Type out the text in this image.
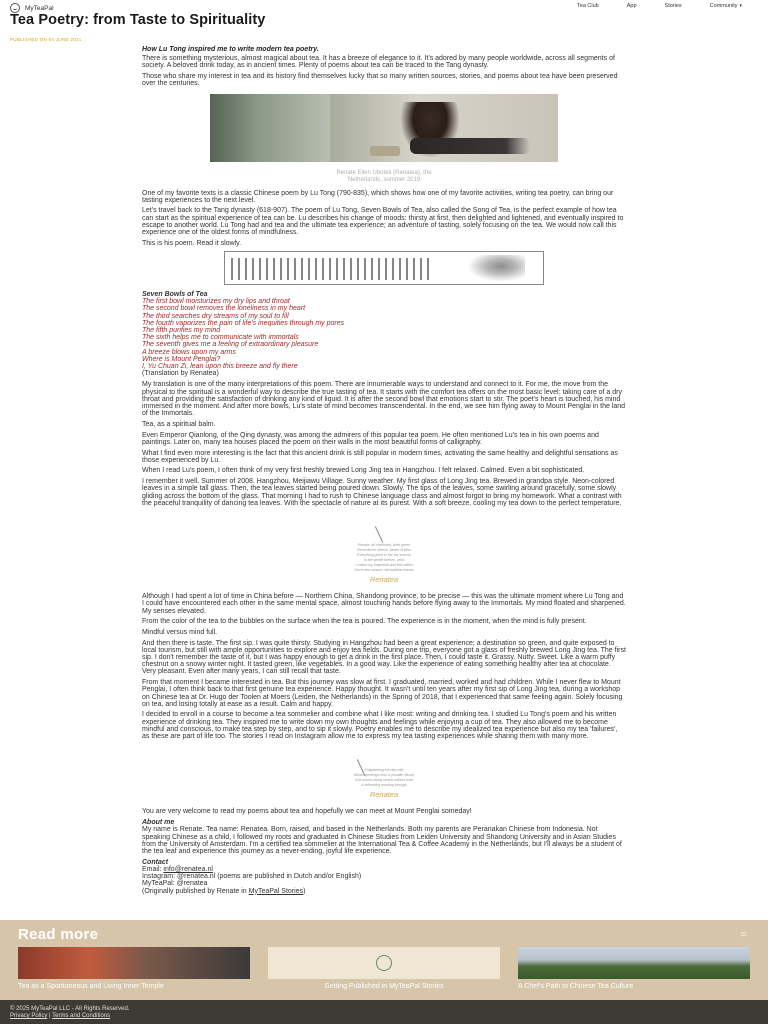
MyTeaPal	Tea Club	App	Stories	Community ▾
Tea Poetry: from Taste to Spirituality
PUBLISHED ON 04 JUNE 2021

How Lu Tong inspired me to write modern tea poetry.

There is something mysterious, almost magical about tea. It has a breeze of elegance to it. It's adored by many people worldwide, across all segments of society. A beloved drink today, as in ancient times. Plenty of poems about tea can be traced to the Tang dynasty.

Those who share my interest in tea and its history find themselves lucky that so many written sources, stories, and poems about tea have been preserved over the centuries.

Renate Ellen Ubotek (Renatea), the
Netherlands, summer 2019

One of my favorite texts is a classic Chinese poem by Lu Tong (790-835), which shows how one of my favorite activities, writing tea poetry, can bring our tasting experiences to the next level.

Let's travel back to the Tang dynasty (618-907). The poem of Lu Tong, Seven Bowls of Tea, also called the Song of Tea, is the perfect example of how tea can start as the spiritual experience of tea can be. Lu describes his change of moods: thirsty at first, then delighted and lightened, and eventually inspired to escape to another world. Lu Tong had and tea and the ultimate tea experience; an adventure of tasting, solely focusing on the tea. We would now call this experience one of the oldest forms of mindfulness.

This is his poem. Read it slowly.

Seven Bowls of Tea

The first bowl moisturizes my dry lips and throat

The second bowl removes the loneliness in my heart

The third searches dry streams of my soul to fill

The fourth vaporizes the pain of life's inequities through my pores

The fifth purifies my mind

The sixth helps me to communicate with immortals

The seventh gives me a feeling of extraordinary pleasure

A breeze blows upon my arms

Where is Mount Penglai?

I, Yu Chuan Zi, lean upon this breeze and fly there

(Translation by Renatea)

My translation is one of the many interpretations of this poem. There are innumerable ways to understand and connect to it. For me, the move from the physical to the spiritual is a wonderful way to describe the true tasting of tea. It starts with the comfort tea offers on the most basic level: taking care of a dry throat and providing the satisfaction of drinking any kind of liquid. It is after the second bowl that emotions start to stir. The poet's heart is touched, his mind immersed in the moment. And after more bowls, Lu's state of mind becomes transcendental. In the end, we see him flying away to Mount Penglai in the land of the Immortals.

Tea, as a spiritual balm.

Even Emperor Qianlong, of the Qing dynasty, was among the admirers of this popular tea poem. He often mentioned Lu's tea in his own poems and paintings. Later on, many tea houses placed the poem on their walls in the most beautiful forms of calligraphy.

What I find even more interesting is the fact that this ancient drink is still popular in modern times, activating the same healthy and delightful sensations as those experienced by Lu.

When I read Lu's poem, I often think of my very first freshly brewed Long Jing tea in Hangzhou. I felt relaxed. Calmed. Even a bit sophisticated.

I remember it well. Summer of 2008. Hangzhou, Meijiawu Village. Sunny weather. My first glass of Long Jing tea. Brewed in grandpa style. Neon-colored leaves in a simple tall glass. Then, the tea leaves started being poured down. Slowly. The tips of the leaves, some swirling around gracefully, some slowly gliding across the bottom of the glass. That morning I had to rush to Chinese language class and almost forgot to bring my homework. What a contrast with the peaceful tranquility of dancing tea leaves. With the spectacle of nature at its purest. With a soft breeze, cooling my tea down to the perfect temperature.

Renate, all cherished, lived green
Recorded in silence, kindle of bliss
Everything given to the dry season
In the gentle breeze, wind
I collect my fragments and feel within
Once new season, old tradition leaves
Renatea

Although I had spent a lot of time in China before — Northern China, Shandong province, to be precise — this was the ultimate moment where Lu Tong and I could have encountered each other in the same mental space, almost touching hands before flying away to the Immortals. My mind floated and sharpened. My senses elevated.

From the color of the tea to the bubbles on the surface when the tea is poured. The experience is in the moment, when the mind is fully present.

Mindful versus mind full.

And then there is taste. The first sip. I was quite thirsty. Studying in Hangzhou had been a great experience; a destination so green, and quite exposed to local tourism, but still with ample opportunities to explore and enjoy tea fields. During one trip, everyone got a glass of freshly brewed Long Jing tea. The first sip. I don't remember the taste of it, but I was happy enough to get a drink in the first place. Then, I could taste it. Grassy. Nutty. Sweet. Like a warm puffy chestnut on a snowy winter night. It tasted green, like vegetables. In a good way. Like the experience of eating something healthy after tea at chocolate. Very pleasant. Even after many years, I can still recall that taste.

From that moment I became interested in tea. But this journey was slow at first. I graduated, married, worked and had children. While I never flew to Mount Penglai, I often think back to that first genuine tea experience. Happy thought. It wasn't until ten years after my first sip of Long Jing tea, during a workshop on Chinese tea at Dr. Hugo der Toolen at Moers (Leiden, the Netherlands) in the Spring of 2018, that I experienced that same feeling again. Solely focusing on tea, and losing totally at ease as a result. Calm and happy.

I decided to enroll in a course to become a tea sommelier and combine what I like most: writing and drinking tea. I studied Lu Tong's poem and his written experience of drinking tea. They inspired me to write down my own thoughts and feelings while enjoying a cup of tea. They also allowed me to become mindful and conscious, to make tea step by step, and to sip it slowly. Poetry enables me to describe my idealized tea experience but also my tea 'failures', as these are part of life too. The stories I read on Instagram allow me to express my tea tasting experiences while sharing them with many more.

Enlightening the day with
Words greetings from a (smaller flavor)
Soft moves along steady without note
A refreshing morning through
Renatea

You are very welcome to read my poems about tea and hopefully we can meet at Mount Penglai someday!

About me

My name is Renate. Tea name: Renatea. Born, raised, and based in the Netherlands. Both my parents are Peranakan Chinese from Indonesia. Not speaking Chinese as a child, I followed my roots and graduated in Chinese Studies from Leiden University and Shandong University and in Asian Studies from the University of Amsterdam. I'm a certified tea sommelier at the International Tea & Coffee Academy in the Netherlands, but I'll always be a student of the tea leaf and experience this journey as a never-ending, joyful life experience.

Contact

Email: info@renatea.nl

Instagram: @renatea.nl (poems are published in Dutch and/or English)

MyTeaPal: @renatea

(Originally published by Renate in MyTeaPal Stories)

Read more	⊡
Tea as a Spontaneous and Living Inner Temple	Getting Published in MyTeaPal Stories	A Chef's Path to Chinese Tea Culture
© 2025 MyTeaPal LLC - All Rights Reserved.
Privacy Policy | Terms and Conditions
